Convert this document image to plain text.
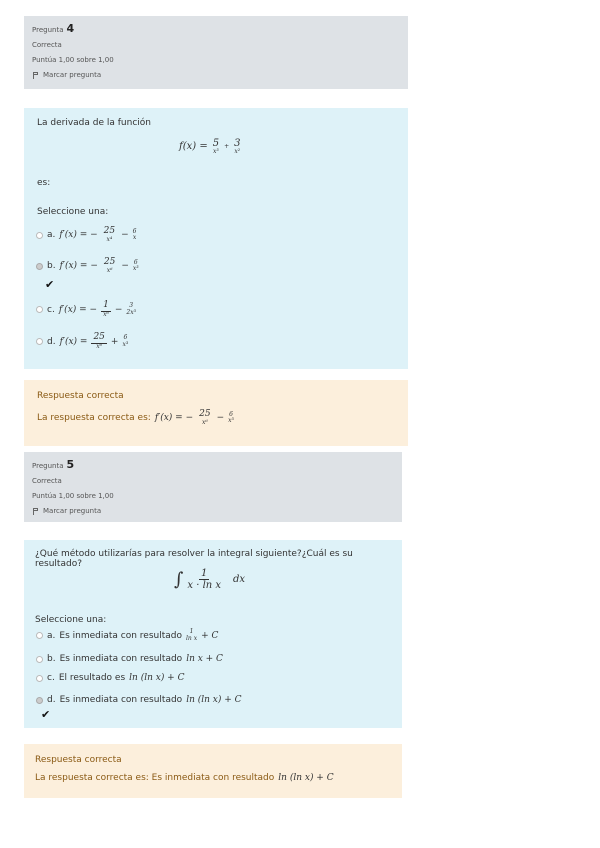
Pregunta 4
Correcta
Puntúa 1,00 sobre 1,00
Marcar pregunta
La derivada de la función
f(x) = 5
x³
+ 3
x²
es:
Seleccione una:
a. f′(x) = − 25
x⁴ − 6
x
b. f′(x) = − 25
x⁶ − 6
x³
✔
c. f′(x) = − $\frac{1}{\text{x⁶}} - 3$
2x³
d. $f'(x) = \frac{25}{\text{x⁶}} + 6$
x³
Respuesta correcta
La respuesta correcta es: f′(x) = − 25
x⁶ − 6
x³
Pregunta 5
Correcta
Puntúa 1,00 sobre 1,00
Marcar pregunta
¿Qué método utilizarías para resolver la integral siguiente?¿Cuál es su resultado?
∫ $\frac{1}{\text{x · ln x}}$ dx
Seleccione una:
a. Es inmediata con resultado	1
ln x + C
b. Es inmediata con resultado ln x + C
c. El resultado es ln (ln x) + C
d. Es inmediata con resultado ln (ln x) + C
✔
Respuesta correcta
La respuesta correcta es: Es inmediata con resultado ln (ln x) + C
